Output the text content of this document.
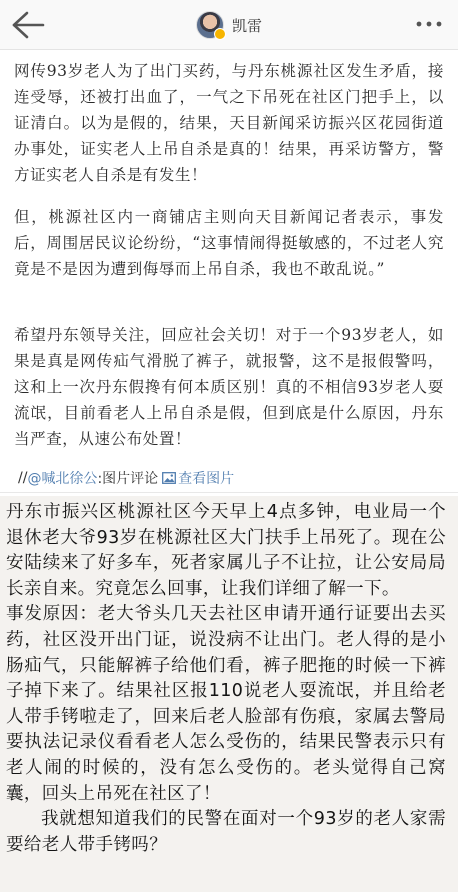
凯雷

网传93岁老人为了出门买药，与丹东桃源社区发生矛盾，接连受辱，还被打出血了，一气之下吊死在社区门把手上，以证清白。以为是假的，结果，天目新闻采访振兴区花园街道办事处，证实老人上吊自杀是真的！结果，再采访警方，警方证实老人自杀是有发生！

但，桃源社区内一商铺店主则向天目新闻记者表示，事发后，周围居民议论纷纷，“这事情闹得挺敏感的，不过老人究竟是不是因为遭到侮辱而上吊自杀，我也不敢乱说。”

希望丹东领导关注，回应社会关切！对于一个93岁老人，如果是真是网传疝气滑脱了裤子，就报警，这不是报假警吗，这和上一次丹东假搀有何本质区别！真的不相信93岁老人耍流氓，目前看老人上吊自杀是假，但到底是什么原因，丹东当严查，从速公布处置！

// @喊北徐公 :图片评论 查看图片

丹东市振兴区桃源社区今天早上4点多钟，电业局一个退休老大爷93岁在桃源社区大门扶手上吊死了。现在公安陆续来了好多车，死者家属儿子不让拉，让公安局局长亲自来。究竟怎么回事，让我们详细了解一下。

事发原因：老大爷头几天去社区申请开通行证要出去买药，社区没开出门证，说没病不让出门。老人得的是小肠疝气，只能解裤子给他们看，裤子肥拖的时候一下裤子掉下来了。结果社区报110说老人耍流氓，并且给老人带手铐啦走了，回来后老人脸部有伤痕，家属去警局要执法记录仪看看老人怎么受伤的，结果民警表示只有老人闹的时候的，没有怎么受伤的。老头觉得自己窝囊，回头上吊死在社区了！

我就想知道我们的民警在面对一个93岁的老人家需要给老人带手铐吗？
